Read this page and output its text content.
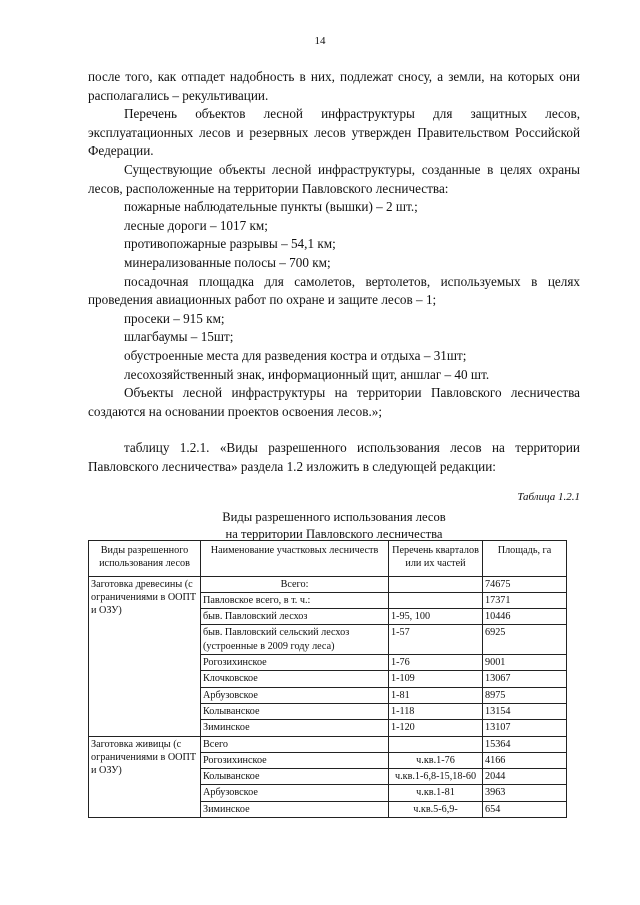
14

после того, как отпадет надобность в них, подлежат сносу, а земли, на которых они располагались – рекультивации.

Перечень объектов лесной инфраструктуры для защитных лесов, эксплуатационных лесов и резервных лесов утвержден Правительством Российской Федерации.

Существующие объекты лесной инфраструктуры, созданные в целях охраны лесов, расположенные на территории Павловского лесничества:

пожарные наблюдательные пункты (вышки) – 2 шт.;

лесные дороги – 1017 км;

противопожарные разрывы – 54,1 км;

минерализованные полосы – 700 км;

посадочная площадка для самолетов, вертолетов, используемых в целях проведения авиационных работ по охране и защите лесов – 1;

просеки – 915 км;

шлагбаумы – 15шт;

обустроенные места для разведения костра и отдыха – 31шт;

лесохозяйственный знак, информационный щит, аншлаг – 40 шт.

Объекты лесной инфраструктуры на территории Павловского лесничества создаются на основании проектов освоения лесов.»;

таблицу 1.2.1. «Виды разрешенного использования лесов на территории Павловского лесничества» раздела 1.2 изложить в следующей редакции:

Таблица 1.2.1
Виды разрешенного использования лесов
на территории Павловского лесничества
Виды разрешенного использования лесов	Наименование участковых лесничеств	Перечень кварталов или их частей	Площадь, га
Заготовка древесины (с ограничениями в ООПТ и ОЗУ)	Всего:		74675
	Павловское всего, в т. ч.:		17371
	быв. Павловский лесхоз	1-95, 100	10446
	быв. Павловский сельский лесхоз (устроенные в 2009 году леса)	1-57	6925
	Рогозихинское	1-76	9001
	Клочковское	1-109	13067
	Арбузовское	1-81	8975
	Колыванское	1-118	13154
	Зиминское	1-120	13107
Заготовка живицы (с ограничениями в ООПТ и ОЗУ)	Всего		15364
	Рогозихинское	ч.кв.1-76	4166
	Колыванское	ч.кв.1-6,8-15,18-60	2044
	Арбузовское	ч.кв.1-81	3963
	Зиминское	ч.кв.5-6,9-	654
